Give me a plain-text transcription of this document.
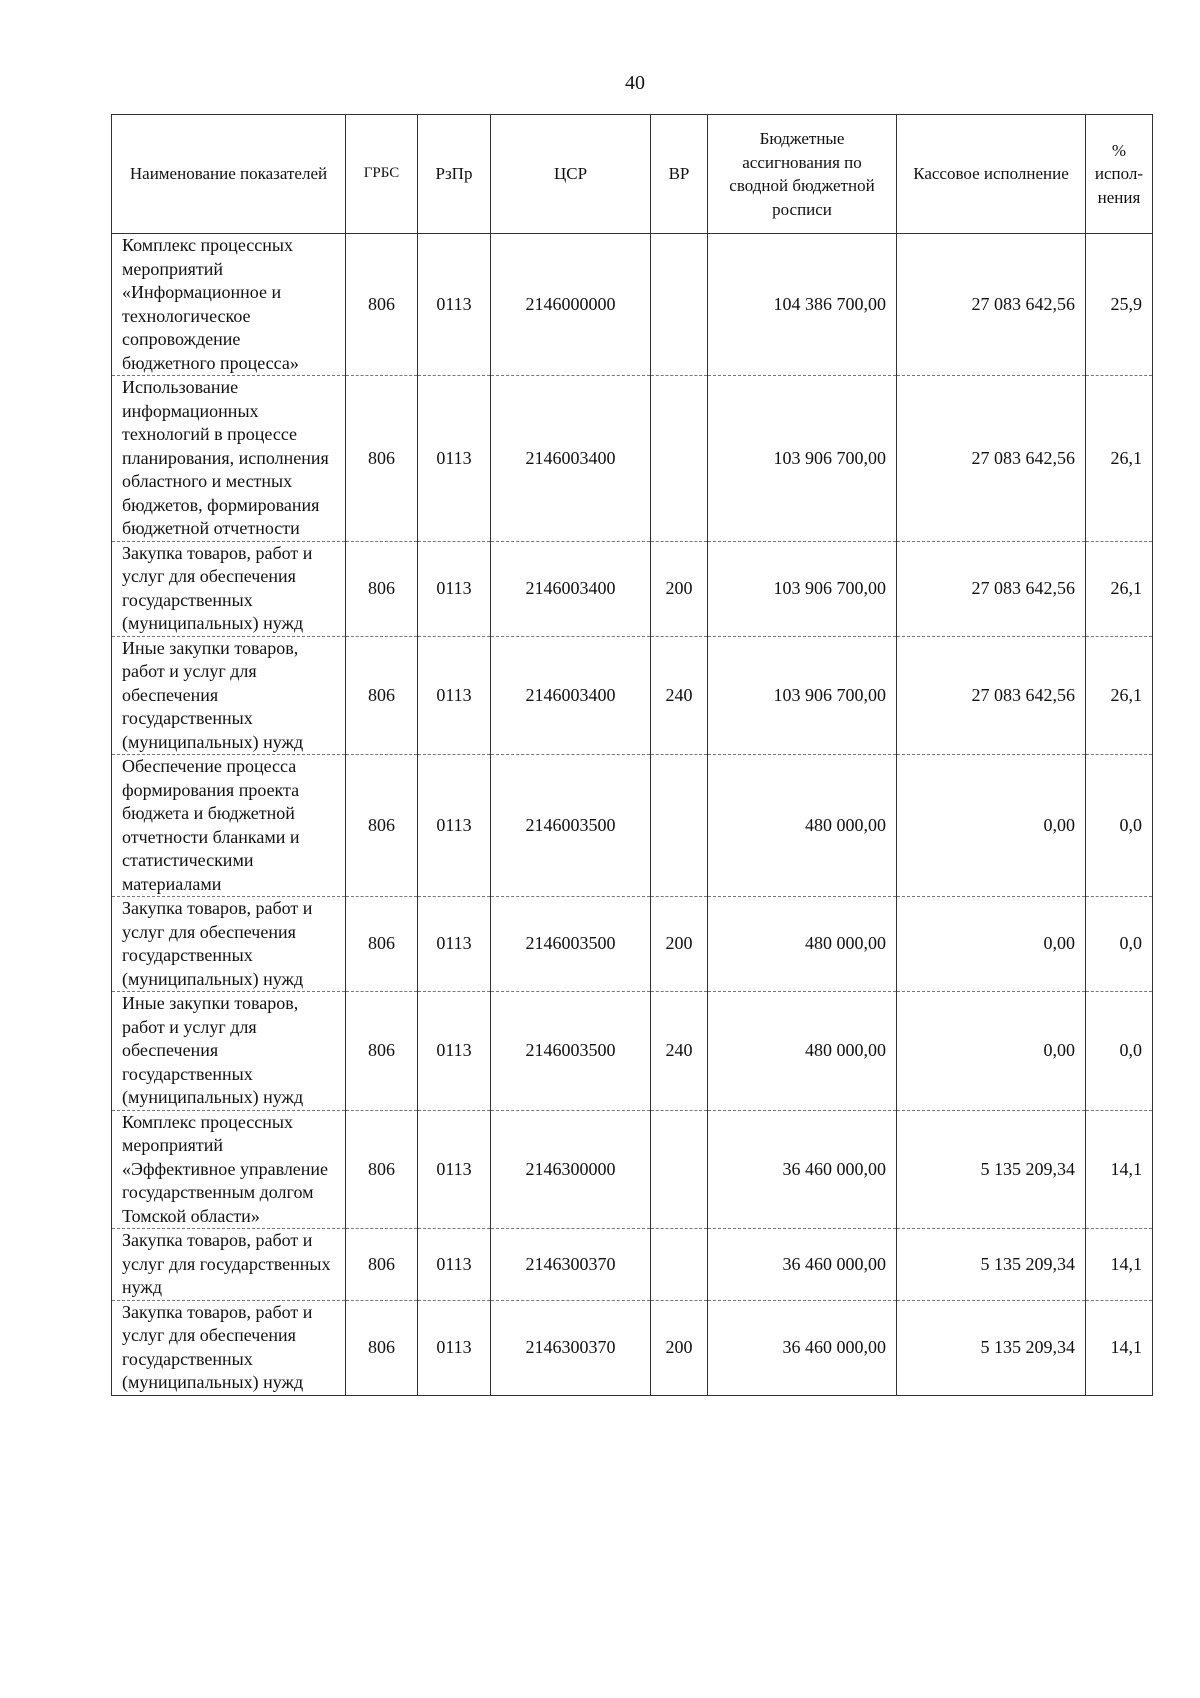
40
Наименование показателей	ГРБС	РзПр	ЦСР	ВР	Бюджетные ассигнования по сводной бюджетной росписи	Кассовое исполнение	% испол-нения
Комплекс процессных мероприятий «Информационное и технологическое сопровождение бюджетного процесса»	806	0113	2146000000		104 386 700,00	27 083 642,56	25,9
Использование информационных технологий в процессе планирования, исполнения областного и местных бюджетов, формирования бюджетной отчетности	806	0113	2146003400		103 906 700,00	27 083 642,56	26,1
Закупка товаров, работ и услуг для обеспечения государственных (муниципальных) нужд	806	0113	2146003400	200	103 906 700,00	27 083 642,56	26,1
Иные закупки товаров, работ и услуг для обеспечения государственных (муниципальных) нужд	806	0113	2146003400	240	103 906 700,00	27 083 642,56	26,1
Обеспечение процесса формирования проекта бюджета и бюджетной отчетности бланками и статистическими материалами	806	0113	2146003500		480 000,00	0,00	0,0
Закупка товаров, работ и услуг для обеспечения государственных (муниципальных) нужд	806	0113	2146003500	200	480 000,00	0,00	0,0
Иные закупки товаров, работ и услуг для обеспечения государственных (муниципальных) нужд	806	0113	2146003500	240	480 000,00	0,00	0,0
Комплекс процессных мероприятий «Эффективное управление государственным долгом Томской области»	806	0113	2146300000		36 460 000,00	5 135 209,34	14,1
Закупка товаров, работ и услуг для государственных нужд	806	0113	2146300370		36 460 000,00	5 135 209,34	14,1
Закупка товаров, работ и услуг для обеспечения государственных (муниципальных) нужд	806	0113	2146300370	200	36 460 000,00	5 135 209,34	14,1
